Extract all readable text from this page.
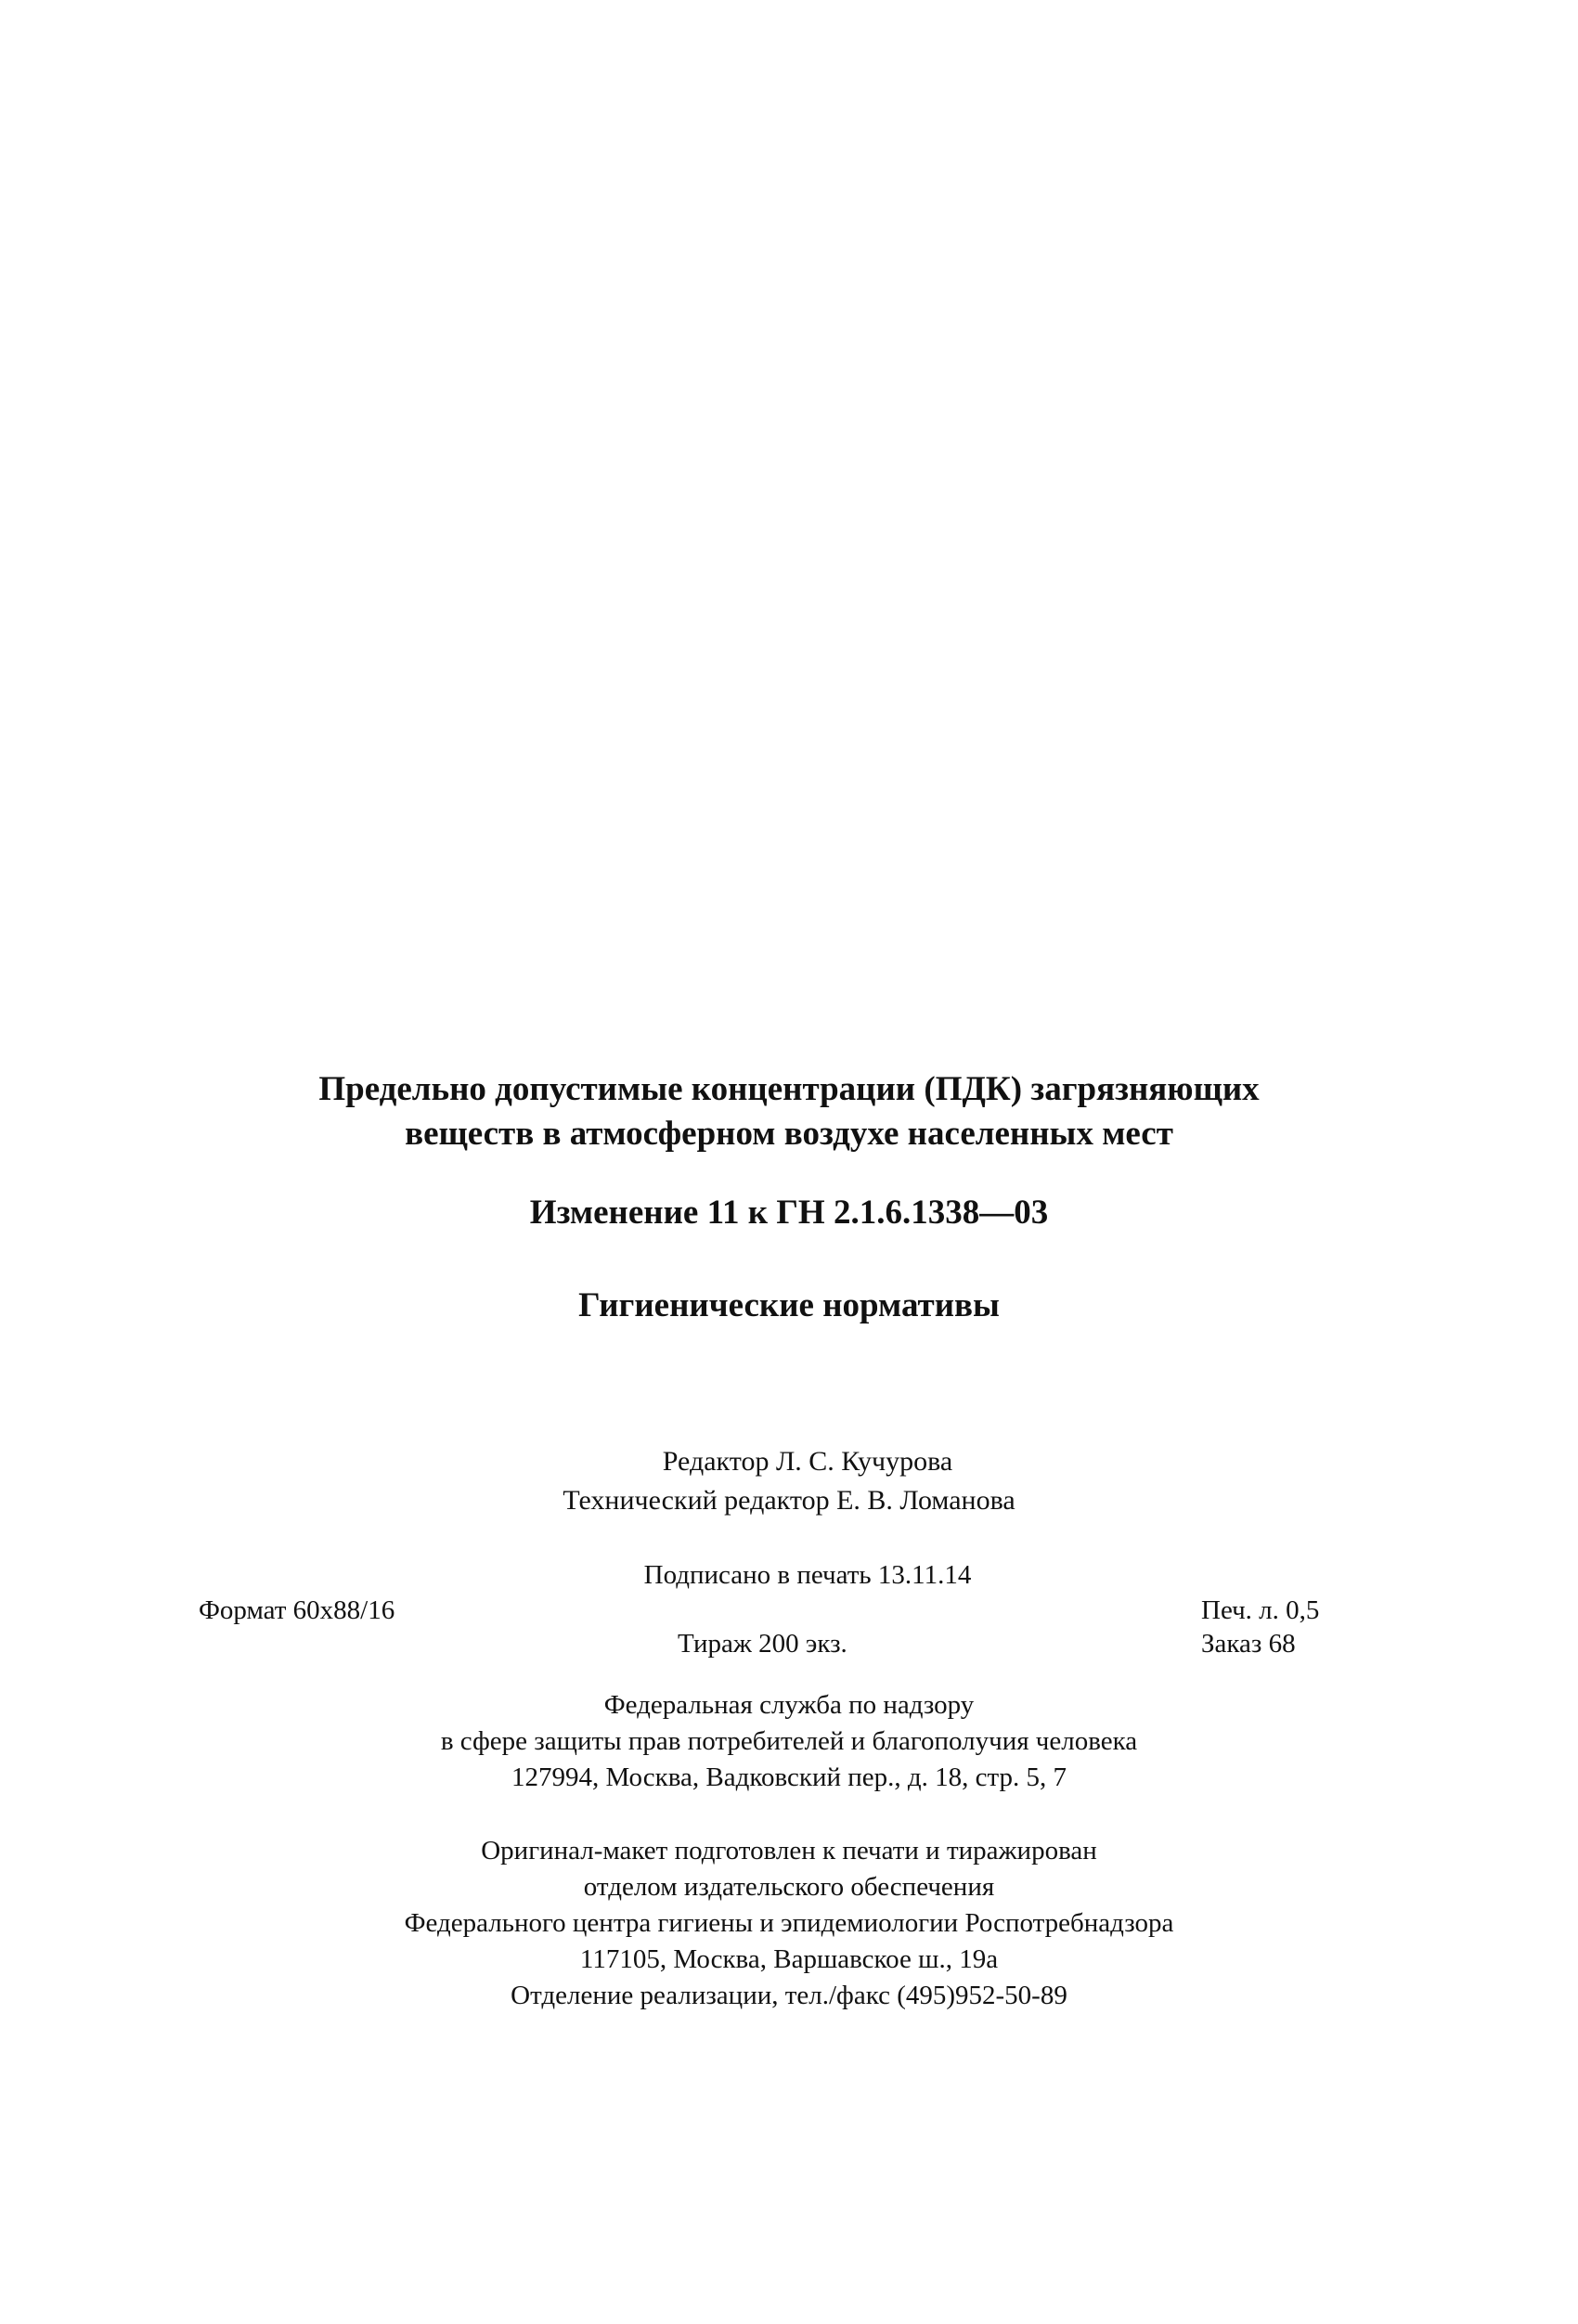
Предельно допустимые концентрации (ПДК) загрязняющих
веществ в атмосферном воздухе населенных мест
Изменение 11 к ГН 2.1.6.1338—03
Гигиенические нормативы
Редактор Л. С. Кучурова
Технический редактор Е. В. Ломанова
Подписано в печать 13.11.14
Формат 60х88/16	Печ. л. 0,5
Тираж 200 экз.	Заказ 68
Федеральная служба по надзору
в сфере защиты прав потребителей и благополучия человека
127994, Москва, Вадковский пер., д. 18, стр. 5, 7
Оригинал-макет подготовлен к печати и тиражирован
отделом издательского обеспечения
Федерального центра гигиены и эпидемиологии Роспотребнадзора
117105, Москва, Варшавское ш., 19а
Отделение реализации, тел./факс (495)952-50-89
